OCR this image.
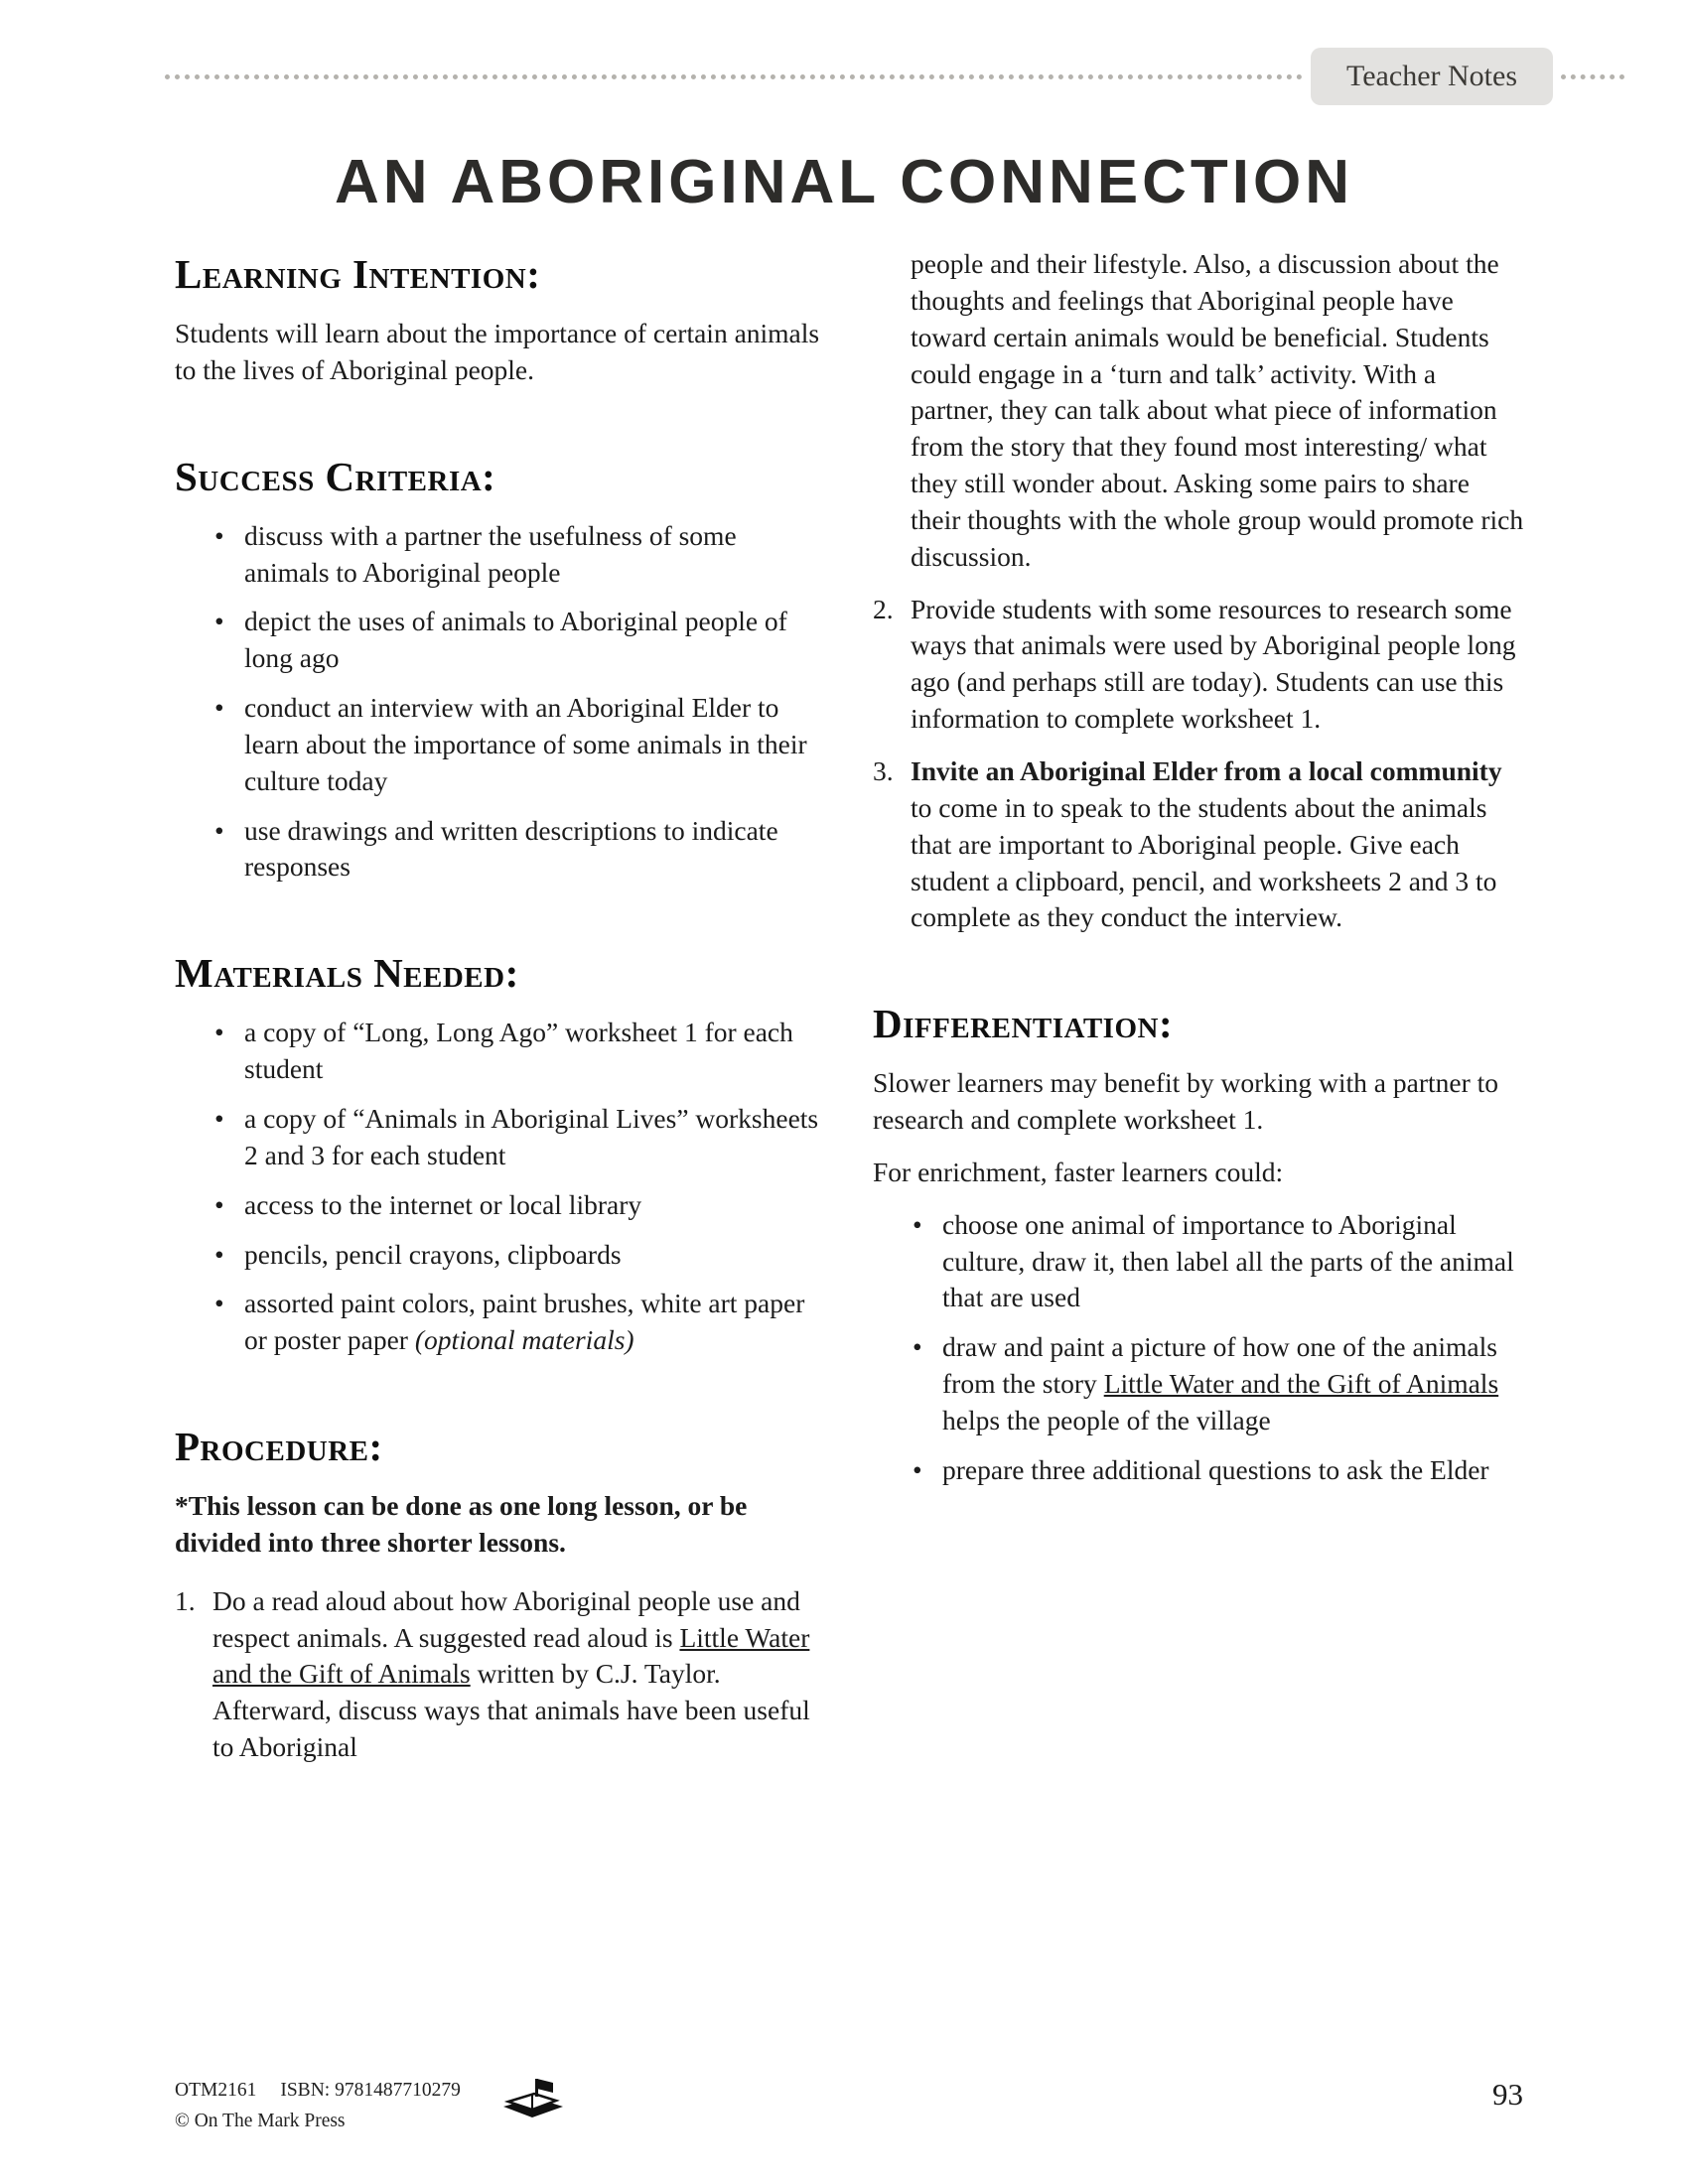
Teacher Notes
AN ABORIGINAL CONNECTION
Learning Intention:

Students will learn about the importance of certain animals to the lives of Aboriginal people.

Success Criteria:
• discuss with a partner the usefulness of some animals to Aboriginal people
• depict the uses of animals to Aboriginal people of long ago
• conduct an interview with an Aboriginal Elder to learn about the importance of some animals in their culture today
• use drawings and written descriptions to indicate responses
Materials Needed:
• a copy of “Long, Long Ago” worksheet 1 for each student
• a copy of “Animals in Aboriginal Lives” worksheets 2 and 3 for each student
• access to the internet or local library
• pencils, pencil crayons, clipboards
• assorted paint colors, paint brushes, white art paper or poster paper (optional materials)
Procedure:

*This lesson can be done as one long lesson, or be divided into three shorter lessons.

1. Do a read aloud about how Aboriginal people use and respect animals. A suggested read aloud is Little Water and the Gift of Animals written by C.J. Taylor. Afterward, discuss ways that animals have been useful to Aboriginal

people and their lifestyle. Also, a discussion about the thoughts and feelings that Aboriginal people have toward certain animals would be beneficial. Students could engage in a ‘turn and talk’ activity. With a partner, they can talk about what piece of information from the story that they found most interesting/ what they still wonder about. Asking some pairs to share their thoughts with the whole group would promote rich discussion.

2. Provide students with some resources to research some ways that animals were used by Aboriginal people long ago (and perhaps still are today). Students can use this information to complete worksheet 1.
3. Invite an Aboriginal Elder from a local community to come in to speak to the students about the animals that are important to Aboriginal people. Give each student a clipboard, pencil, and worksheets 2 and 3 to complete as they conduct the interview.
Differentiation:

Slower learners may benefit by working with a partner to research and complete worksheet 1.

For enrichment, faster learners could:

• choose one animal of importance to Aboriginal culture, draw it, then label all the parts of the animal that are used
• draw and paint a picture of how one of the animals from the story Little Water and the Gift of Animals helps the people of the village
• prepare three additional questions to ask the Elder
OTM2161 ISBN: 9781487710279
© On The Mark Press
93
